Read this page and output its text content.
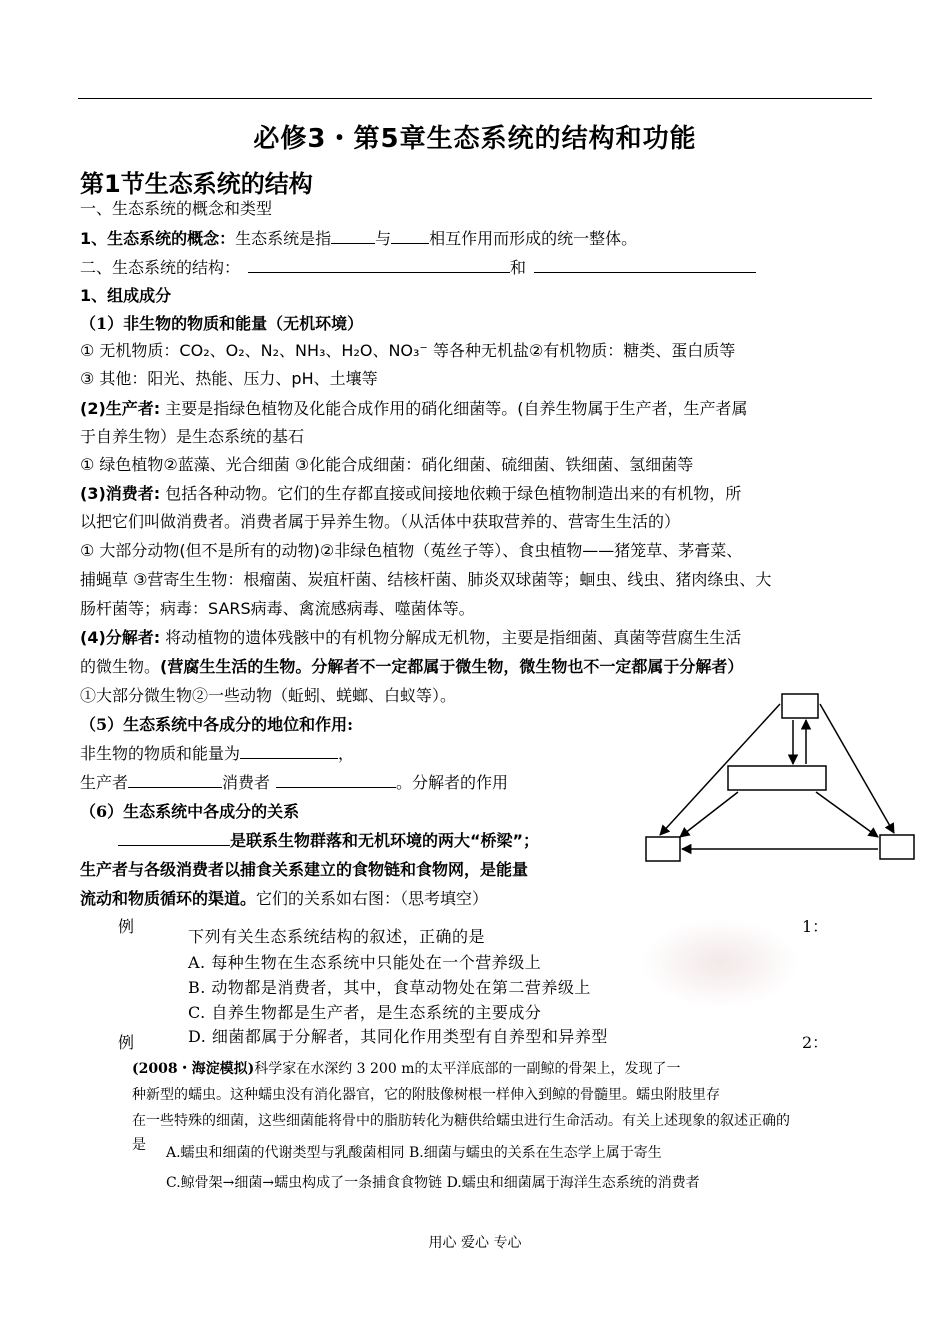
必修3・第5章生态系统的结构和功能
第1节生态系统的结构
一、生态系统的概念和类型
1、生态系统的概念：生态系统是指	与 相互作用而形成的统一整体。
二、生态系统的结构：	和
1、组成成分
（1）非生物的物质和能量（无机环境）
① 无机物质：CO₂、O₂、N₂、NH₃、H₂O、NO₃⁻ 等各种无机盐②有机物质：糖类、蛋白质等
③ 其他：阳光、热能、压力、pH、土壤等
(2)生产者: 主要是指绿色植物及化能合成作用的硝化细菌等。(自养生物属于生产者，生产者属
于自养生物）是生态系统的基石
① 绿色植物②蓝藻、光合细菌 ③化能合成细菌：硝化细菌、硫细菌、铁细菌、氢细菌等
(3)消费者: 包括各种动物。它们的生存都直接或间接地依赖于绿色植物制造出来的有机物，所
以把它们叫做消费者。消费者属于异养生物。（从活体中获取营养的、营寄生生活的）
① 大部分动物(但不是所有的动物)②非绿色植物（菟丝子等）、食虫植物——猪笼草、茅膏菜、
捕蝇草 ③营寄生生物：根瘤菌、炭疽杆菌、结核杆菌、肺炎双球菌等；蛔虫、线虫、猪肉绦虫、大
肠杆菌等；病毒：SARS病毒、禽流感病毒、噬菌体等。
(4)分解者: 将动植物的遗体残骸中的有机物分解成无机物，主要是指细菌、真菌等营腐生生活
的微生物。(营腐生生活的生物。分解者不一定都属于微生物，微生物也不一定都属于分解者）
①大部分微生物②一些动物（蚯蚓、蜣螂、白蚁等）。
（5）生态系统中各成分的地位和作用:
非生物的物质和能量为	，
生产者	消费者	。分解者的作用
（6）生态系统中各成分的关系
是联系生物群落和无机环境的两大“桥梁”；
生产者与各级消费者以捕食关系建立的食物链和食物网，是能量
流动和物质循环的渠道。它们的关系如右图：（思考填空）
例	1：
下列有关生态系统结构的叙述，正确的是
A. 每种生物在生态系统中只能处在一个营养级上
B. 动物都是消费者，其中，食草动物处在第二营养级上
C. 自养生物都是生产者，是生态系统的主要成分
D. 细菌都属于分解者，其同化作用类型有自养型和异养型
例	2：
(2008・海淀模拟)科学家在水深约 3 200 m的太平洋底部的一副鲸的骨架上，发现了一
种新型的蠕虫。这种蠕虫没有消化器官，它的附肢像树根一样伸入到鲸的骨髓里。蠕虫附肢里存
在一些特殊的细菌，这些细菌能将骨中的脂肪转化为糖供给蠕虫进行生命活动。有关上述现象的叙述正确的
是 A.蠕虫和细菌的代谢类型与乳酸菌相同 B.细菌与蠕虫的关系在生态学上属于寄生
C.鲸骨架→细菌→蠕虫构成了一条捕食食物链 D.蠕虫和细菌属于海洋生态系统的消费者
用心 爱心 专心
